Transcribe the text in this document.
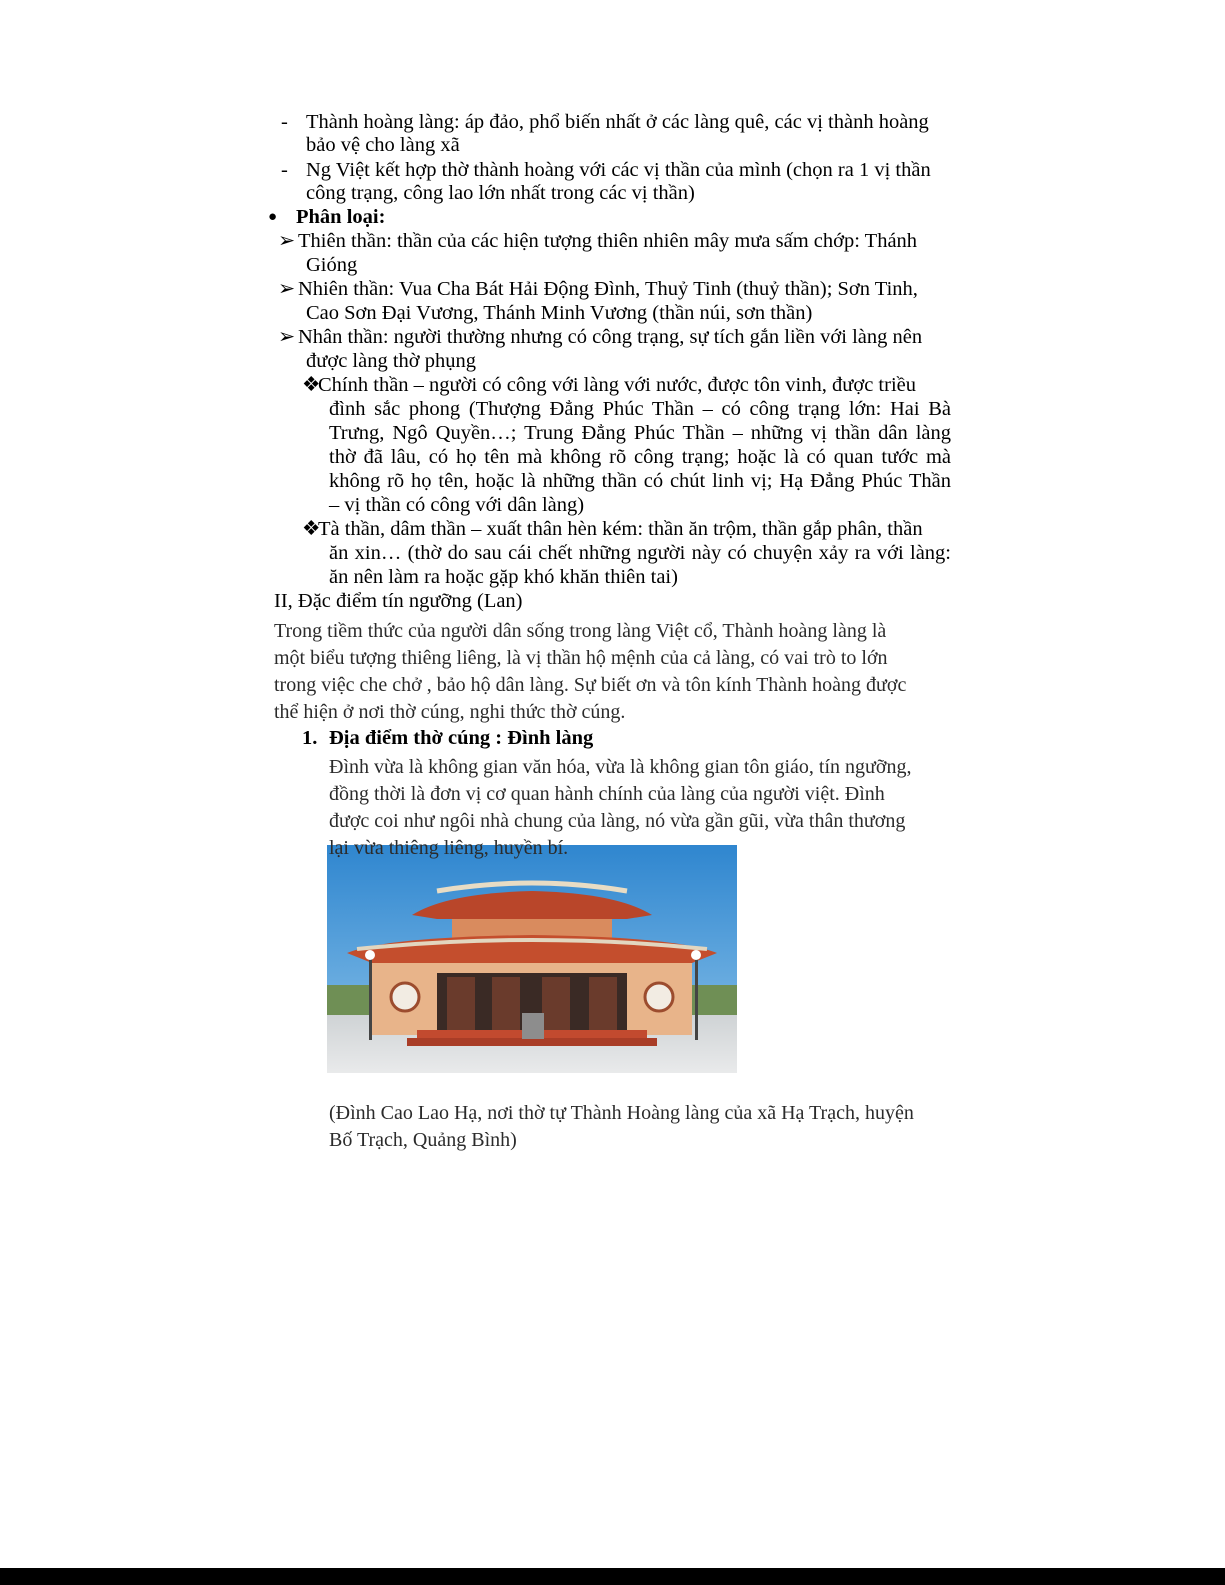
- Thành hoàng làng: áp đảo, phổ biến nhất ở các làng quê, các vị thành hoàng
bảo vệ cho làng xã
- Ng Việt kết hợp thờ thành hoàng với các vị thần của mình (chọn ra 1 vị thần
công trạng, công lao lớn nhất trong các vị thần)
● Phân loại:
➢ Thiên thần: thần của các hiện tượng thiên nhiên mây mưa sấm chớp: Thánh
Gióng
➢ Nhiên thần: Vua Cha Bát Hải Động Đình, Thuỷ Tinh (thuỷ thần); Sơn Tinh,
Cao Sơn Đại Vương, Thánh Minh Vương (thần núi, sơn thần)
➢ Nhân thần: người thường nhưng có công trạng, sự tích gắn liền với làng nên
được làng thờ phụng
❖
Chính thần – người có công với làng với nước, được tôn vinh, được triều
đình sắc phong (Thượng Đẳng Phúc Thần – có công trạng lớn: Hai Bà
Trưng, Ngô Quyền…; Trung Đẳng Phúc Thần – những vị thần dân làng
thờ đã lâu, có họ tên mà không rõ công trạng; hoặc là có quan tước mà
không rõ họ tên, hoặc là những thần có chút linh vị; Hạ Đẳng Phúc Thần
– vị thần có công với dân làng)
❖
Tà thần, dâm thần – xuất thân hèn kém: thần ăn trộm, thần gắp phân, thần
ăn xin… (thờ do sau cái chết những người này có chuyện xảy ra với làng:
ăn nên làm ra hoặc gặp khó khăn thiên tai)
II, Đặc điểm tín ngưỡng (Lan)
Trong tiềm thức của người dân sống trong làng Việt cổ, Thành hoàng làng là
một biểu tượng thiêng liêng, là vị thần hộ mệnh của cả làng, có vai trò to lớn
trong việc che chở , bảo hộ dân làng. Sự biết ơn và tôn kính Thành hoàng được
thể hiện ở nơi thờ cúng, nghi thức thờ cúng.
1. Địa điểm thờ cúng : Đình làng
Đình vừa là không gian văn hóa, vừa là không gian tôn giáo, tín ngưỡng,
đồng thời là đơn vị cơ quan hành chính của làng của người việt. Đình
được coi như ngôi nhà chung của làng, nó vừa gần gũi, vừa thân thương
lại vừa thiêng liêng, huyền bí.
(Đình Cao Lao Hạ, nơi thờ tự Thành Hoàng làng của xã Hạ Trạch, huyện
Bố Trạch, Quảng Bình)
